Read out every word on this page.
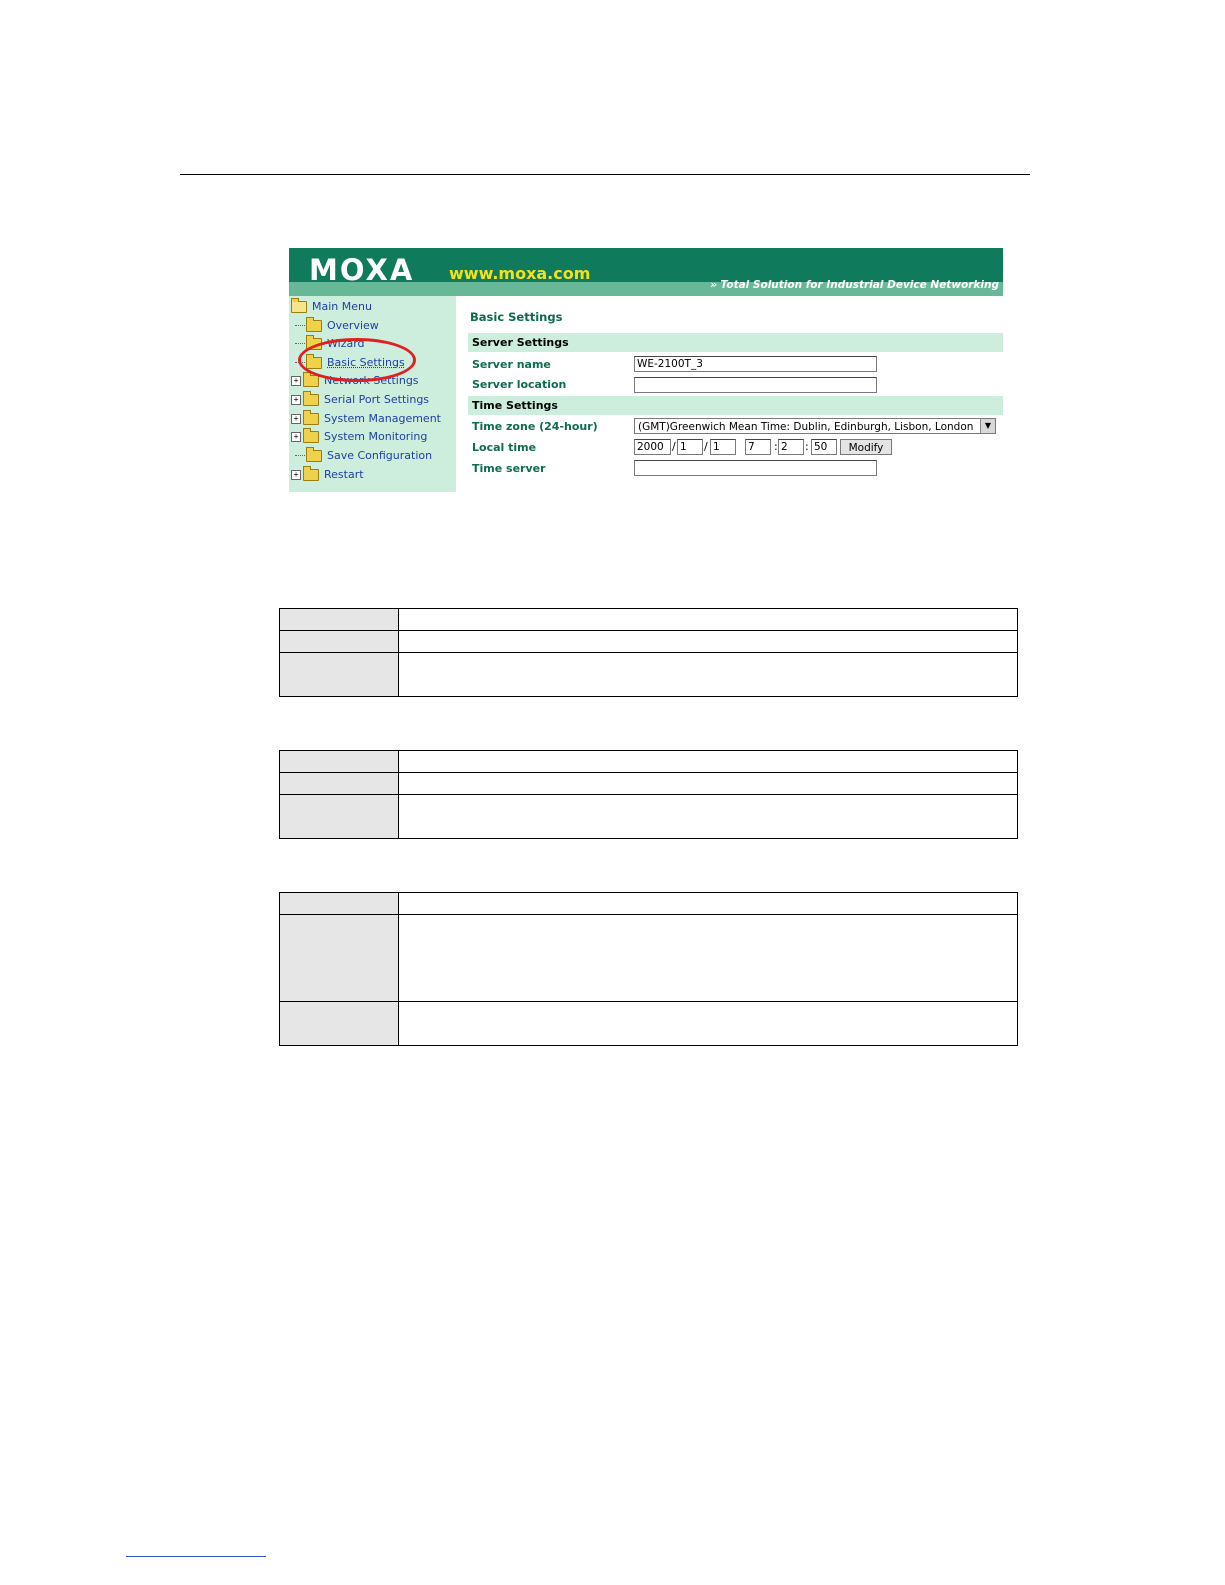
MOXA www.moxa.com
» Total Solution for Industrial Device Networking
Main Menu
Overview
Wizard
Basic Settings
+ Network Settings
+ Serial Port Settings
+ System Management
+ System Monitoring
Save Configuration
+ Restart
Basic Settings
Server Settings
Server name	WE-2100T_3
Server location
Time Settings
Time zone (24-hour)	(GMT)Greenwich Mean Time: Dublin, Edinburgh, Lisbon, London	▼
Local time	2000 / 1	/ 1	7	: 2	: 50	Modify
Time server
